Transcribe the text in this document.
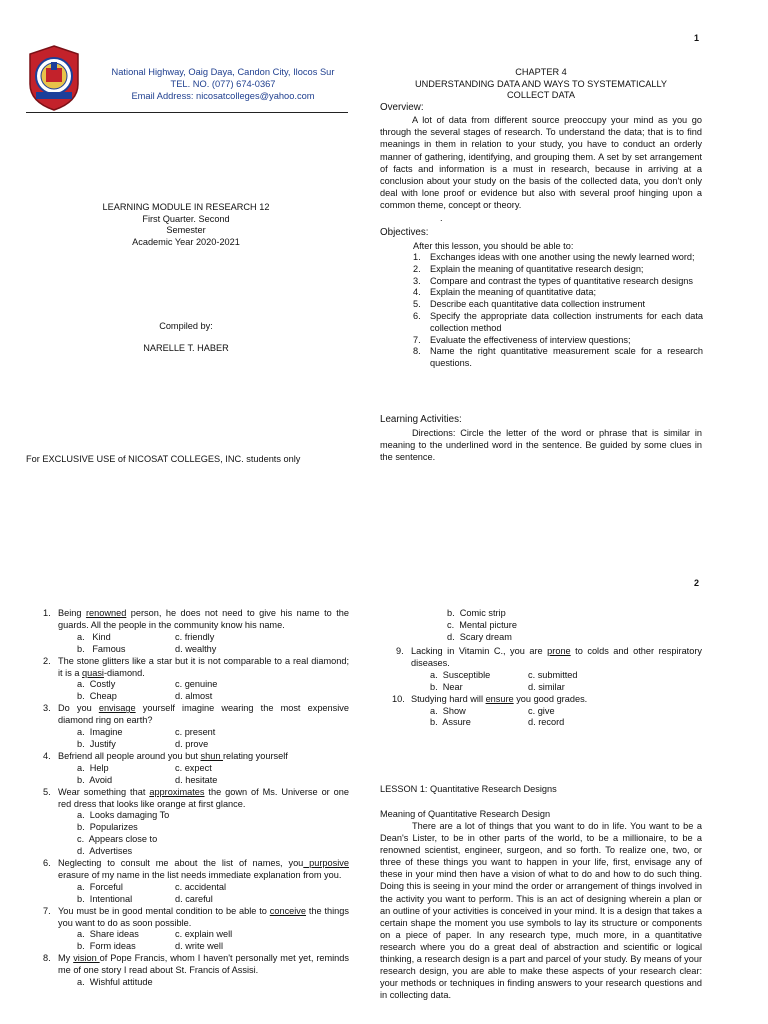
1
National Highway, Oaig Daya, Candon City, Ilocos Sur
TEL. NO. (077) 674-0367
Email Address: nicosatcolleges@yahoo.com
LEARNING MODULE IN RESEARCH 12
First Quarter. Second
Semester
Academic Year 2020-2021
Compiled by:
NARELLE T. HABER
For EXCLUSIVE USE of NICOSAT COLLEGES, INC. students only
CHAPTER 4
UNDERSTANDING DATA AND WAYS TO SYSTEMATICALLY
COLLECT DATA
Overview:
A lot of data from different source preoccupy your mind as you go through the several stages of research. To understand the data; that is to find meanings in them in relation to your study, you have to conduct an orderly manner of gathering, identifying, and grouping them. A set by set arrangement of facts and information is a must in research, because in arriving at a conclusion about your study on the basis of the collected data, you don't only deal with lone proof or evidence but also with several proof hinging upon a common theme, concept or theory.
.
Objectives:
After this lesson, you should be able to:
1. Exchanges ideas with one another using the newly learned word;
2. Explain the meaning of quantitative research design;
3. Compare and contrast the types of quantitative research designs
4. Explain the meaning of quantitative data;
5. Describe each quantitative data collection instrument
6. Specify the appropriate data collection instruments for each data collection method
7. Evaluate the effectiveness of interview questions;
8. Name the right quantitative measurement scale for a research questions.
Learning Activities:
Directions: Circle the letter of the word or phrase that is similar in meaning to the underlined word in the sentence. Be guided by some clues in the sentence.
2
1. Being renowned person, he does not need to give his name to the guards. All the people in the community know his name.
a.   Kind	c. friendly
b.   Famous	d. wealthy
2. The stone glitters like a star but it is not comparable to a real diamond; it is a quasi-diamond.
a.  Costly	c. genuine
b.  Cheap	d. almost
3. Do you envisage yourself imagine wearing the most expensive diamond ring on earth?
a.  Imagine	c. present
b.  Justify	d. prove
4. Befriend all people around you but shun relating yourself
a.  Help	c. expect
b.  Avoid	d. hesitate
5. Wear something that approximates the gown of Ms. Universe or one red dress that looks like orange at first glance.
a.  Looks damaging To
b.  Popularizes
c.  Appears close to
d.  Advertises
6. Neglecting to consult me about the list of names, you purposive erasure of my name in the list needs immediate explanation from you.
a.  Forceful	c. accidental
b.  Intentional	d. careful
7. You must be in good mental condition to be able to conceive the things you want to do as soon possible.
a.  Share ideas	c. explain well
b.  Form ideas	d. write well
8. My vision of Pope Francis, whom I haven't personally met yet, reminds me of one story I read about St. Francis of Assisi.
a.  Wishful attitude
b.  Comic strip
c.  Mental picture
d.  Scary dream
9. Lacking in Vitamin C., you are prone to colds and other respiratory diseases.
a.  Susceptible	c. submitted
b.  Near	d. similar
10. Studying hard will ensure you good grades.
a.  Show	c. give
b.  Assure	d. record
LESSON 1: Quantitative Research Designs
Meaning of Quantitative Research Design
There are a lot of things that you want to do in life. You want to be a Dean's Lister, to be in other parts of the world, to be a millionaire, to be a renowned scientist, engineer, surgeon, and so forth. To realize one, two, or three of these things you want to happen in your life, first, envisage any of these in your mind then have a vision of what to do and how to do such thing. Doing this is seeing in your mind the order or arrangement of things involved in the activity you want to perform. This is an act of designing wherein a plan or an outline of your activities is conceived in your mind. It is a design that takes a certain shape the moment you use symbols to lay its structure or components on a piece of paper. In any research type, much more, in a quantitative research where you do a great deal of abstraction and scientific or logical thinking, a research design is a part and parcel of your study. By means of your research design, you are able to make these aspects of your research clear: your methods or techniques in finding answers to your research questions and in collecting data.
